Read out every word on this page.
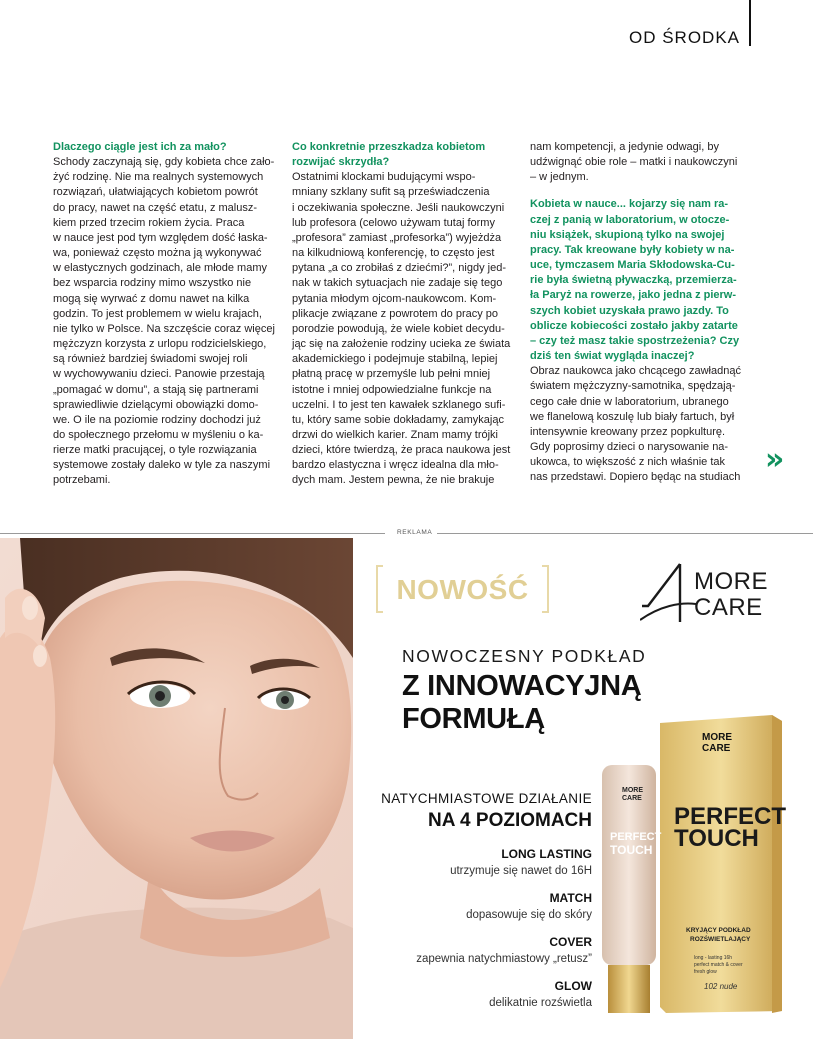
OD ŚRODKA
Dlaczego ciągle jest ich za mało?
Schody zaczynają się, gdy kobieta chce zało-
żyć rodzinę. Nie ma realnych systemowych
rozwiązań, ułatwiających kobietom powrót
do pracy, nawet na część etatu, z malusz-
kiem przed trzecim rokiem życia. Praca
w nauce jest pod tym względem dość łaska-
wa, ponieważ często można ją wykonywać
w elastycznych godzinach, ale młode mamy
bez wsparcia rodziny mimo wszystko nie
mogą się wyrwać z domu nawet na kilka
godzin. To jest problemem w wielu krajach,
nie tylko w Polsce. Na szczęście coraz więcej
mężczyzn korzysta z urlopu rodzicielskiego,
są również bardziej świadomi swojej roli
w wychowywaniu dzieci. Panowie przestają
„pomagać w domu”, a stają się partnerami
sprawiedliwie dzielącymi obowiązki domo-
we. O ile na poziomie rodziny dochodzi już
do społecznego przełomu w myśleniu o ka-
rierze matki pracującej, o tyle rozwiązania
systemowe zostały daleko w tyle za naszymi
potrzebami.
Co konkretnie przeszkadza kobietom
rozwijać skrzydła?
Ostatnimi klockami budującymi wspo-
mniany szklany sufit są przeświadczenia
i oczekiwania społeczne. Jeśli naukowczyni
lub profesora (celowo używam tutaj formy
„profesora” zamiast „profesorka”) wyjeżdża
na kilkudniową konferencję, to często jest
pytana „a co zrobiłaś z dziećmi?”, nigdy jed-
nak w takich sytuacjach nie zadaje się tego
pytania młodym ojcom-naukowcom. Kom-
plikacje związane z powrotem do pracy po
porodzie powodują, że wiele kobiet decydu-
jąc się na założenie rodziny ucieka ze świata
akademickiego i podejmuje stabilną, lepiej
płatną pracę w przemyśle lub pełni mniej
istotne i mniej odpowiedzialne funkcje na
uczelni. I to jest ten kawałek szklanego sufi-
tu, który same sobie dokładamy, zamykając
drzwi do wielkich karier. Znam mamy trójki
dzieci, które twierdzą, że praca naukowa jest
bardzo elastyczna i wręcz idealna dla mło-
dych mam. Jestem pewna, że nie brakuje
nam kompetencji, a jedynie odwagi, by
udźwignąć obie role – matki i naukowczyni
– w jednym.
Kobieta w nauce... kojarzy się nam ra-
czej z panią w laboratorium, w otocze-
niu książek, skupioną tylko na swojej
pracy. Tak kreowane były kobiety w na-
uce, tymczasem Maria Skłodowska-Cu-
rie była świetną pływaczką, przemierza-
ła Paryż na rowerze, jako jedna z pierw-
szych kobiet uzyskała prawo jazdy. To
oblicze kobiecości zostało jakby zatarte
– czy też masz takie spostrzeżenia? Czy
dziś ten świat wygląda inaczej?
Obraz naukowca jako chcącego zawładnąć
światem mężczyzny-samotnika, spędzają-
cego całe dnie w laboratorium, ubranego
we flanelową koszulę lub biały fartuch, był
intensywnie kreowany przez popkulturę.
Gdy poprosimy dzieci o narysowanie na-
ukowca, to większość z nich właśnie tak
nas przedstawi. Dopiero będąc na studiach
»
REKLAMA
NOWOŚĆ	MORE
CARE
NOWOCZESNY PODKŁAD
Z INNOWACYJNĄ
FORMUŁĄ
NATYCHMIASTOWE DZIAŁANIE
NA 4 POZIOMACH
LONG LASTING
utrzymuje się nawet do 16H
MATCH
dopasowuje się do skóry
COVER
zapewnia natychmiastowy „retusz”
GLOW
delikatnie rozświetla
MORE
CARE
PERFECT
TOUCH
KRYJĄCY PODKŁAD
ROZŚWIETLAJĄCY
long - lasting 16h
perfect match & cover
fresh glow
102 nude
MORE
CARE
PERFECT
TOUCH
